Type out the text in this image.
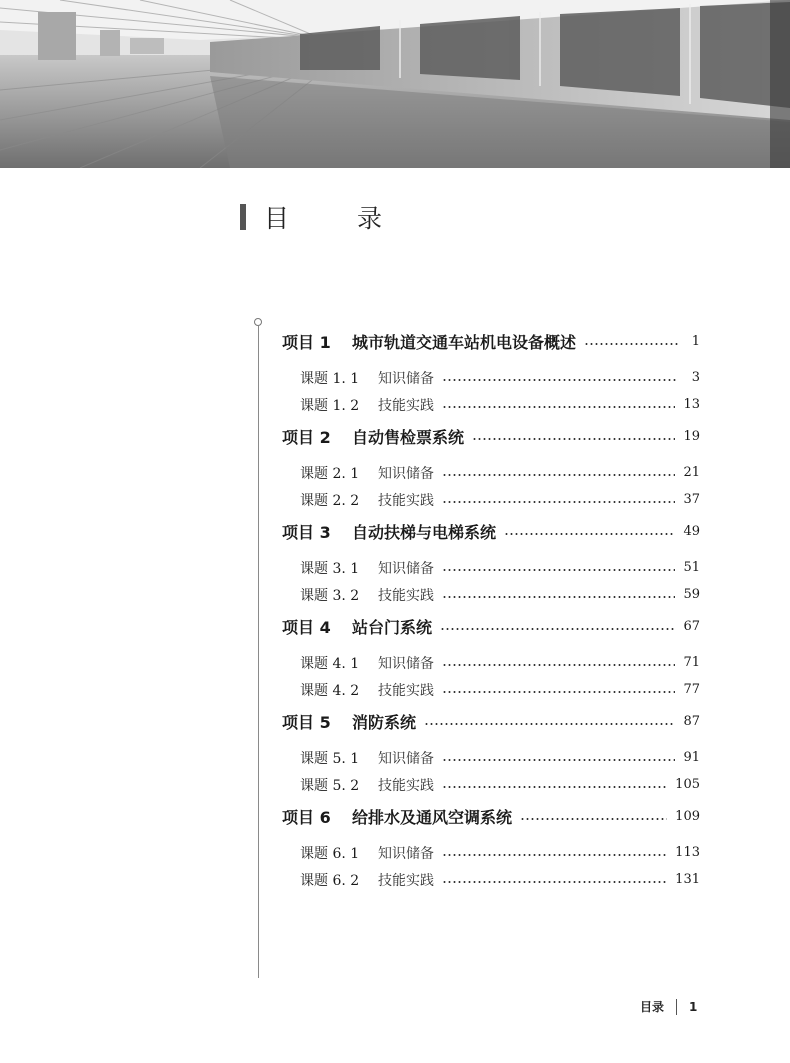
目 录
项目 1	城市轨道交通车站机电设备概述	1
课题 1. 1	知识储备	3
课题 1. 2	技能实践	13
项目 2	自动售检票系统	19
课题 2. 1	知识储备	21
课题 2. 2	技能实践	37
项目 3	自动扶梯与电梯系统	49
课题 3. 1	知识储备	51
课题 3. 2	技能实践	59
项目 4	站台门系统	67
课题 4. 1	知识储备	71
课题 4. 2	技能实践	77
项目 5	消防系统	87
课题 5. 1	知识储备	91
课题 5. 2	技能实践	105
项目 6	给排水及通风空调系统	109
课题 6. 1	知识储备	113
课题 6. 2	技能实践	131
目录 1
